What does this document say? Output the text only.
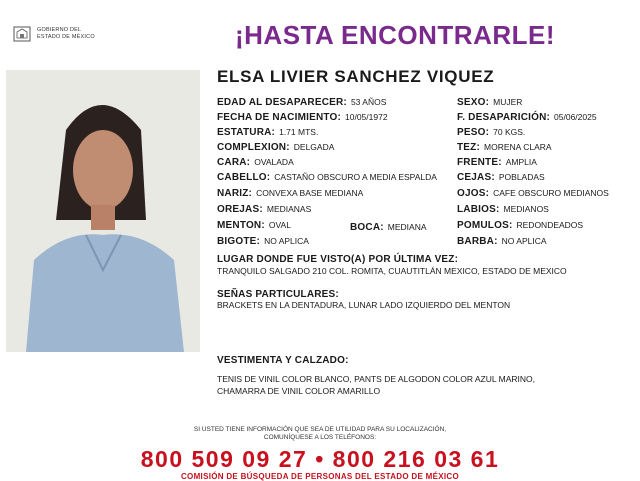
GOBIERNO DEL
ESTADO DE MÉXICO	¡HASTA ENCONTRARLE!
ELSA LIVIER SANCHEZ VIQUEZ
EDAD AL DESAPARECER: 53 AÑOS
FECHA DE NACIMIENTO: 10/05/1972
ESTATURA: 1.71 MTS.
COMPLEXION: DELGADA
CARA: OVALADA
CABELLO: CASTAÑO OBSCURO A MEDIA ESPALDA
NARIZ: CONVEXA BASE MEDIANA
OREJAS: MEDIANAS
MENTON: OVAL	BOCA: MEDIANA
BIGOTE: NO APLICA
SEXO: MUJER
F. DESAPARICIÓN: 05/06/2025
PESO: 70 KGS.
TEZ: MORENA CLARA
FRENTE: AMPLIA
CEJAS: POBLADAS
OJOS: CAFE OBSCURO MEDIANOS
LABIOS: MEDIANOS
POMULOS: REDONDEADOS
BARBA: NO APLICA
LUGAR DONDE FUE VISTO(A) POR ÚLTIMA VEZ:
TRANQUILO SALGADO 210 COL. ROMITA, CUAUTITLÁN MEXICO, ESTADO DE MEXICO
SEÑAS PARTICULARES:
BRACKETS EN LA DENTADURA, LUNAR LADO IZQUIERDO DEL MENTON
VESTIMENTA Y CALZADO:
TENIS DE VINIL COLOR BLANCO, PANTS DE ALGODON COLOR AZUL MARINO,
CHAMARRA DE VINIL COLOR AMARILLO
SI USTED TIENE INFORMACIÓN QUE SEA DE UTILIDAD PARA SU LOCALIZACIÓN,
COMUNÍQUESE A LOS TELÉFONOS:
800 509 09 27 • 800 216 03 61
COMISIÓN DE BÚSQUEDA DE PERSONAS DEL ESTADO DE MÉXICO
